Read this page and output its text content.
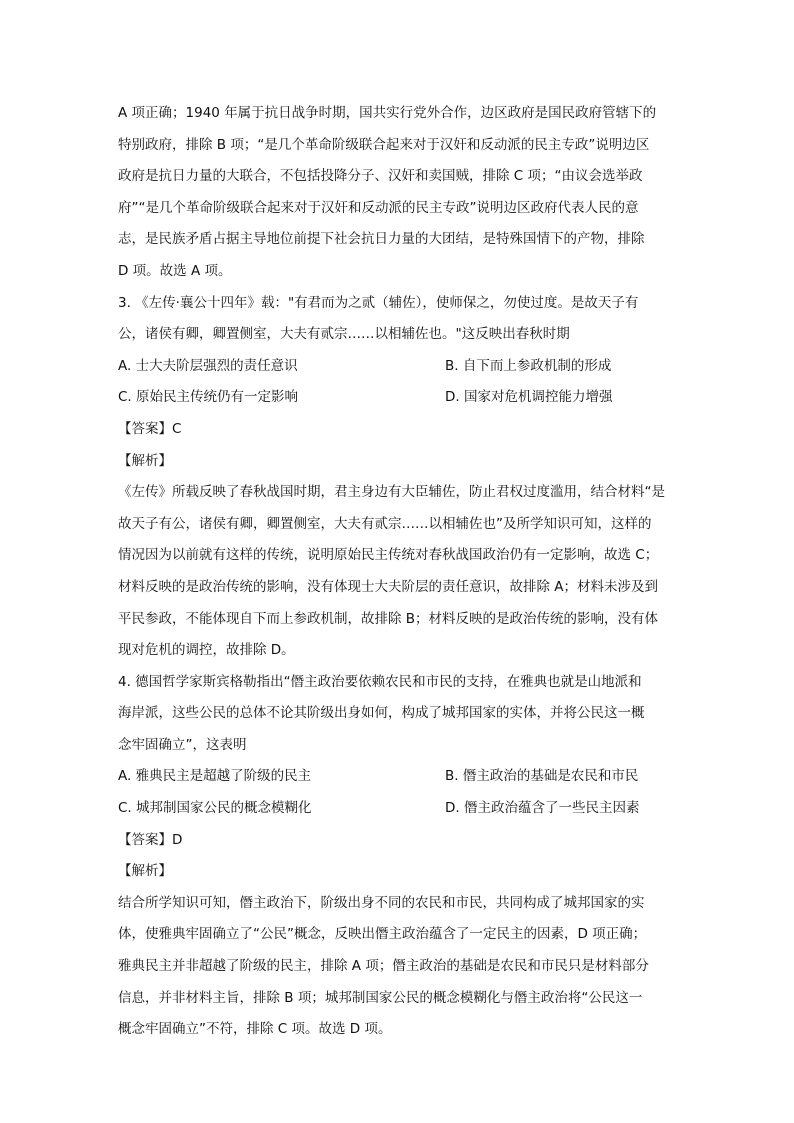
A 项正确；1940 年属于抗日战争时期，国共实行党外合作，边区政府是国民政府管辖下的
特别政府，排除 B 项；“是几个革命阶级联合起来对于汉奸和反动派的民主专政”说明边区
政府是抗日力量的大联合，不包括投降分子、汉奸和卖国贼，排除 C 项；“由议会选举政
府”“是几个革命阶级联合起来对于汉奸和反动派的民主专政”说明边区政府代表人民的意
志，是民族矛盾占据主导地位前提下社会抗日力量的大团结，是特殊国情下的产物，排除
D 项。故选 A 项。
3. 《左传·襄公十四年》载："有君而为之贰（辅佐），使师保之，勿使过度。是故天子有
公，诸侯有卿，卿置侧室，大夫有贰宗……以相辅佐也。"这反映出春秋时期
A. 士大夫阶层强烈的责任意识	B. 自下而上参政机制的形成
C. 原始民主传统仍有一定影响	D. 国家对危机调控能力增强
【答案】C
【解析】
《左传》所载反映了春秋战国时期，君主身边有大臣辅佐，防止君权过度滥用，结合材料“是
故天子有公，诸侯有卿，卿置侧室，大夫有贰宗……以相辅佐也”及所学知识可知，这样的
情况因为以前就有这样的传统，说明原始民主传统对春秋战国政治仍有一定影响，故选 C；
材料反映的是政治传统的影响，没有体现士大夫阶层的责任意识，故排除 A；材料未涉及到
平民参政，不能体现自下而上参政机制，故排除 B；材料反映的是政治传统的影响，没有体
现对危机的调控，故排除 D。
4. 德国哲学家斯宾格勒指出“僭主政治要依赖农民和市民的支持，在雅典也就是山地派和
海岸派，这些公民的总体不论其阶级出身如何，构成了城邦国家的实体，并将公民这一概
念牢固确立”，这表明
A. 雅典民主是超越了阶级的民主	B. 僭主政治的基础是农民和市民
C. 城邦制国家公民的概念模糊化	D. 僭主政治蕴含了一些民主因素
【答案】D
【解析】
结合所学知识可知，僭主政治下，阶级出身不同的农民和市民，共同构成了城邦国家的实
体，使雅典牢固确立了“公民”概念，反映出僭主政治蕴含了一定民主的因素，D 项正确；
雅典民主并非超越了阶级的民主，排除 A 项；僭主政治的基础是农民和市民只是材料部分
信息，并非材料主旨，排除 B 项；城邦制国家公民的概念模糊化与僭主政治将“公民这一
概念牢固确立”不符，排除 C 项。故选 D 项。
